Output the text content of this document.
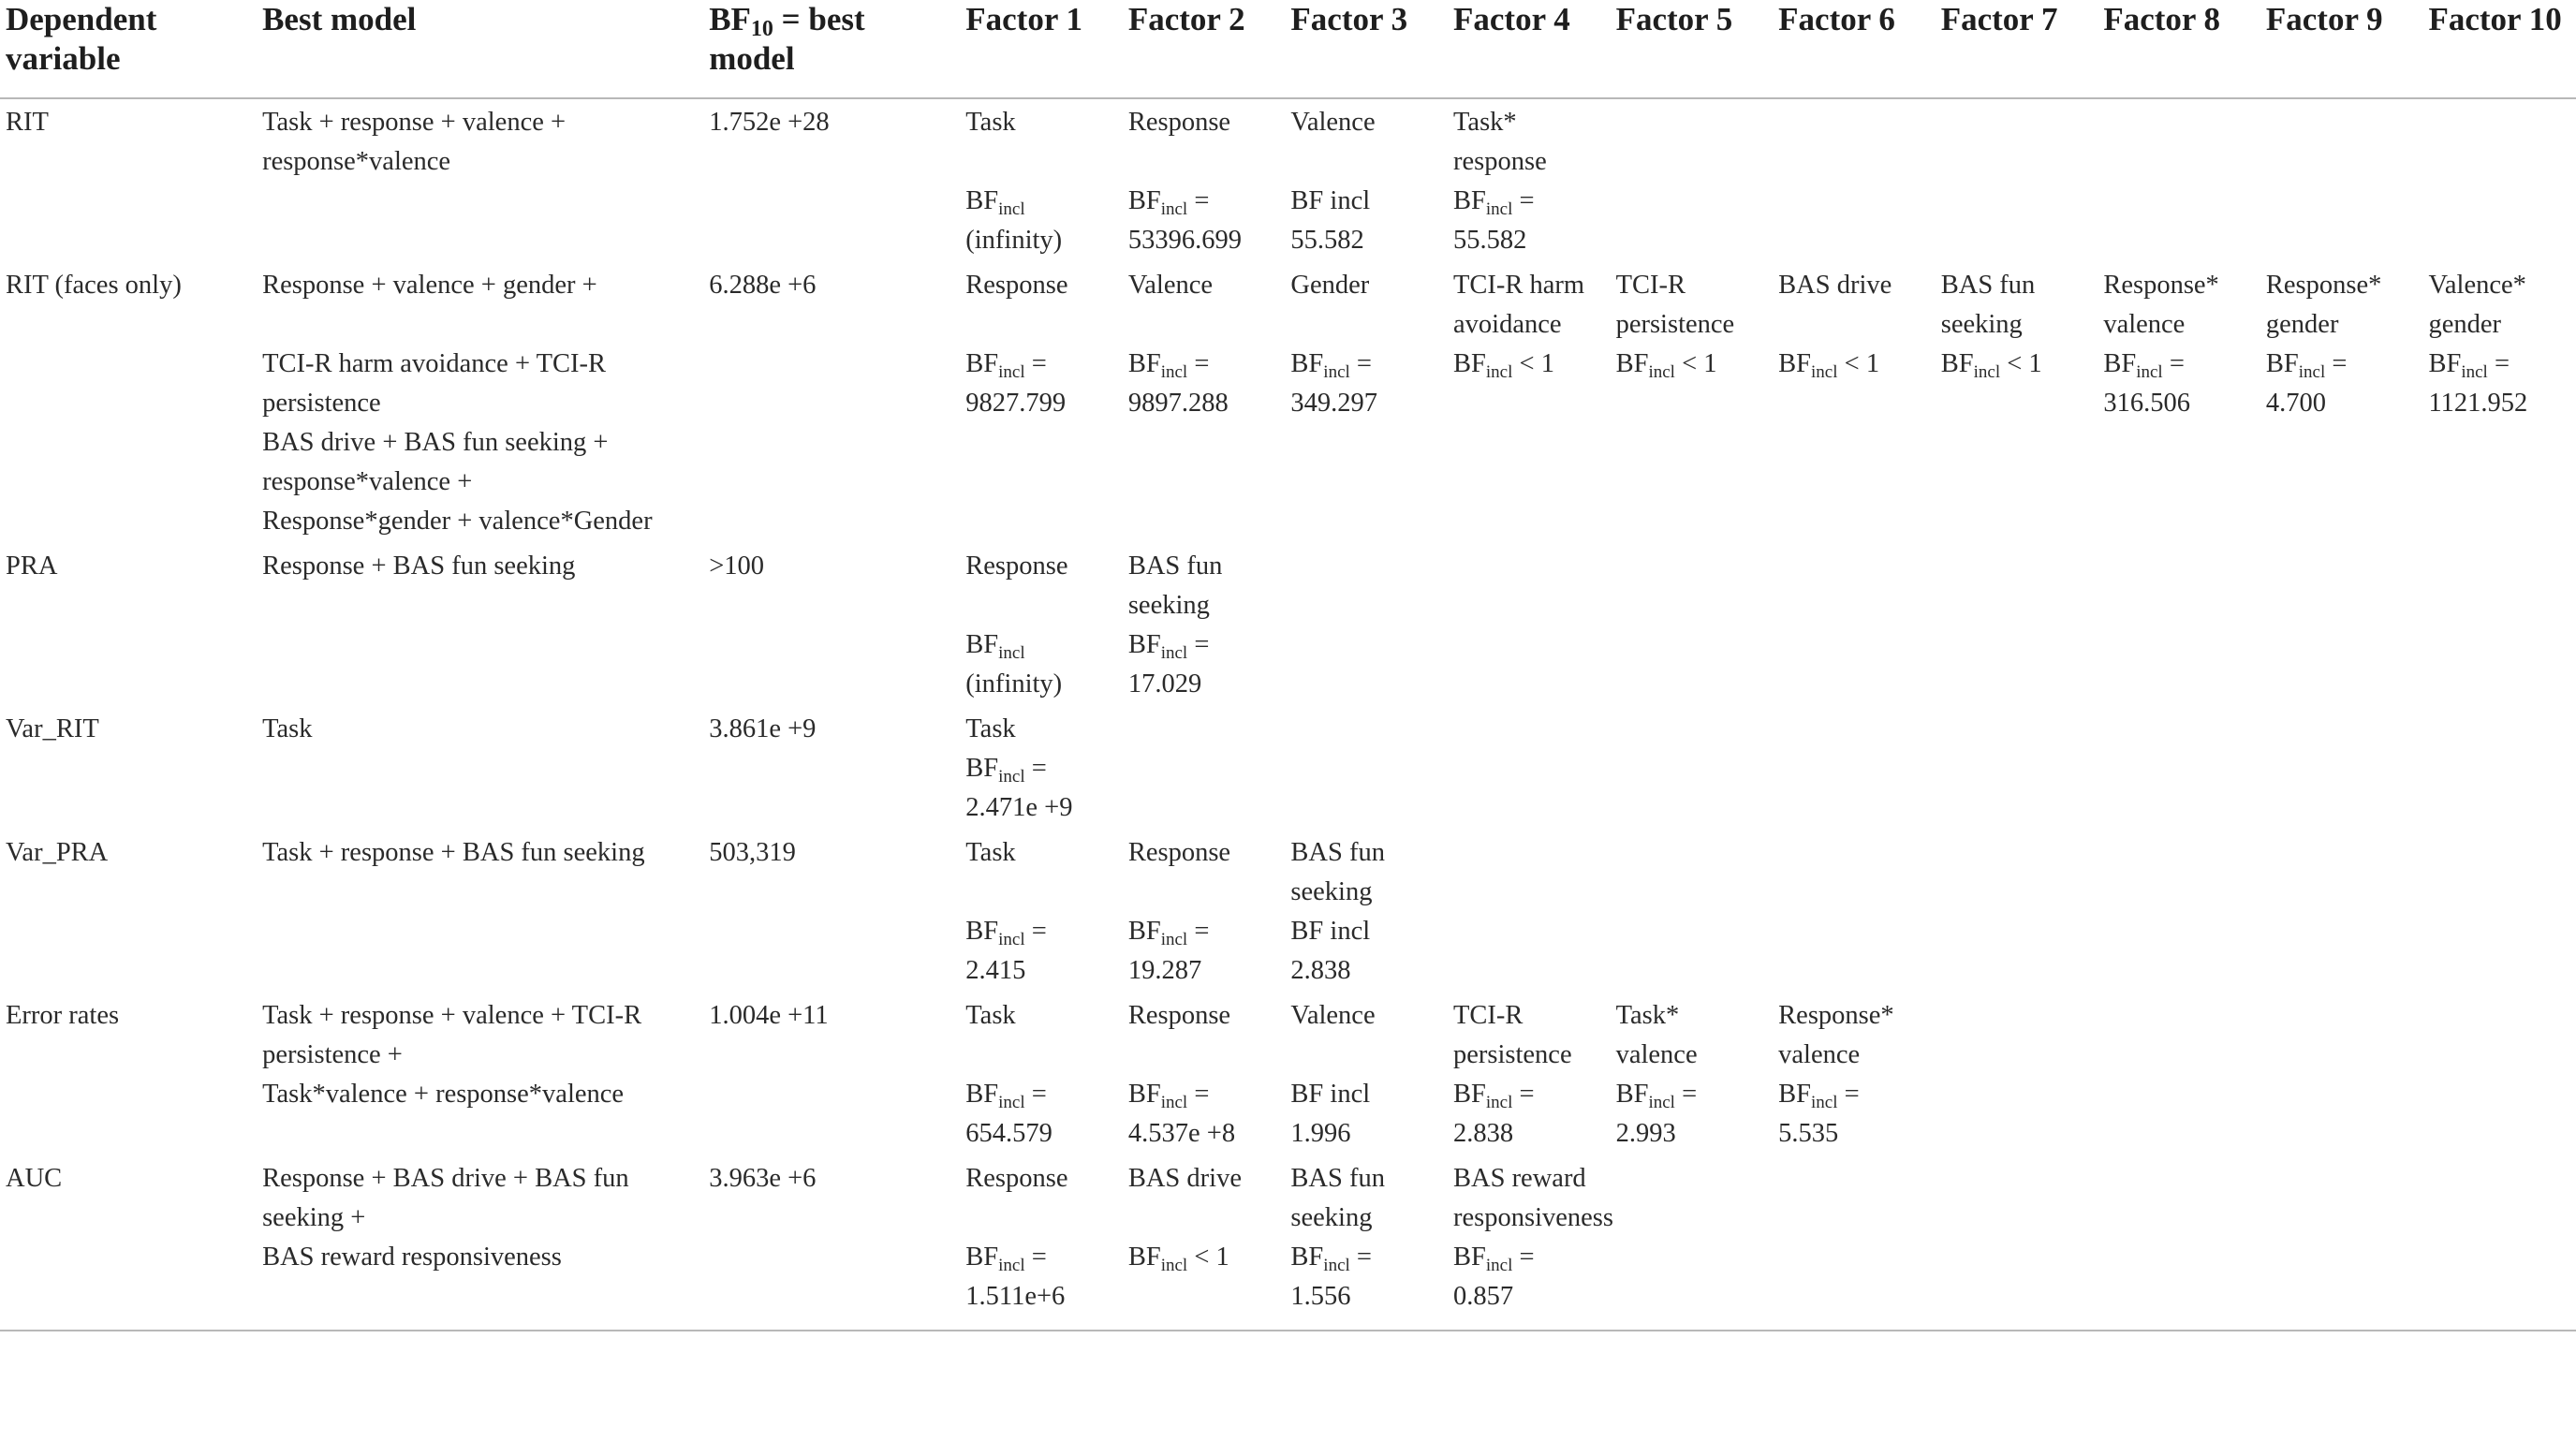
Dependent variable	Best model	$BF_{10}$ = best model	Factor 1	Factor 2	Factor 3	Factor 4	Factor 5	Factor 6	Factor 7	Factor 8	Factor 9	Factor 10
RIT	Task + response + valence + response*valence	1.752e +28	Task	Response	Valence	Task* response						
			$BF_{incl}$ (infinity)	$BF_{incl} = 53396.699$	BF incl 55.582	$BF_{incl} = 55.582$						
RIT (faces only)	Response + valence + gender +	6.288e +6	Response	Valence	Gender	TCI-R harm avoidance	TCI-R persistence	BAS drive	BAS fun seeking	Response* valence	Response* gender	Valence* gender
	TCI-R harm avoidance + TCI-R persistence		$BF_{incl} = 9827.799$	$BF_{incl} = 9897.288$	$BF_{incl} = 349.297$	$BF_{incl} < 1$	$BF_{incl} < 1$	$BF_{incl} < 1$	$BF_{incl} < 1$	$BF_{incl} = 316.506$	$BF_{incl} = 4.700$	$BF_{incl} = 1121.952$
	BAS drive + BAS fun seeking + response*valence +											
	Response*gender + valence*Gender											
PRA	Response + BAS fun seeking	>100	Response	BAS fun seeking								
			$BF_{incl}$ (infinity)	$BF_{incl} = 17.029$								
Var_RIT	Task	3.861e +9	Task									
			$BF_{incl} = 2.471e +9$									
Var_PRA	Task + response + BAS fun seeking	503,319	Task	Response	BAS fun seeking							
			$BF_{incl} = 2.415$	$BF_{incl} = 19.287$	BF incl 2.838							
Error rates	Task + response + valence + TCI-R persistence +	1.004e +11	Task	Response	Valence	TCI-R persistence	Task* valence	Response* valence				
	Task*valence + response*valence		$BF_{incl} = 654.579$	$BF_{incl} = 4.537e +8$	BF incl 1.996	$BF_{incl} = 2.838$	$BF_{incl} = 2.993$	$BF_{incl} = 5.535$				
AUC	Response + BAS drive + BAS fun seeking +	3.963e +6	Response	BAS drive	BAS fun seeking	BAS reward responsiveness						
	BAS reward responsiveness		$BF_{incl} = 1.511e+6$	$BF_{incl} < 1$	$BF_{incl} = 1.556$	$BF_{incl} = 0.857$						
